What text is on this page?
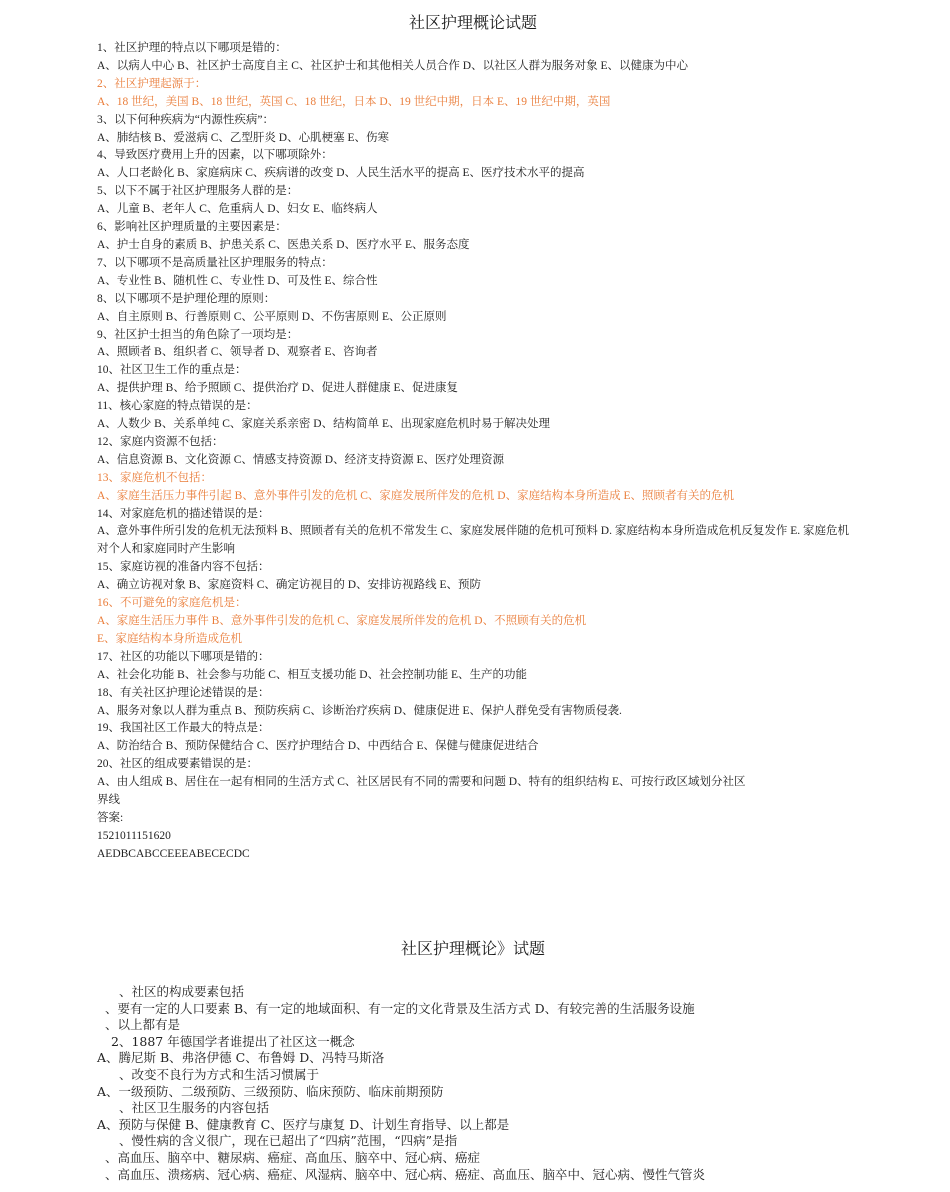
社区护理概论试题
1、社区护理的特点以下哪项是错的：
A、以病人中心 B、社区护士高度自主 C、社区护士和其他相关人员合作 D、以社区人群为服务对象 E、以健康为中心
2、社区护理起源于：
A、18 世纪，美国 B、18 世纪，英国 C、18 世纪，日本 D、19 世纪中期，日本 E、19 世纪中期，英国
3、以下何种疾病为“内源性疾病”：
A、肺结核 B、爱滋病 C、乙型肝炎 D、心肌梗塞 E、伤寒
4、导致医疗费用上升的因素，以下哪项除外：
A、人口老龄化 B、家庭病床 C、疾病谱的改变 D、人民生活水平的提高 E、医疗技术水平的提高
5、以下不属于社区护理服务人群的是：
A、儿童 B、老年人 C、危重病人 D、妇女 E、临终病人
6、影响社区护理质量的主要因素是：
A、护士自身的素质 B、护患关系 C、医患关系 D、医疗水平 E、服务态度
7、以下哪项不是高质量社区护理服务的特点：
A、专业性 B、随机性 C、专业性 D、可及性 E、综合性
8、以下哪项不是护理伦理的原则：
A、自主原则 B、行善原则 C、公平原则 D、不伤害原则 E、公正原则
9、社区护士担当的角色除了一项均是：
A、照顾者 B、组织者 C、领导者 D、观察者 E、咨询者
10、社区卫生工作的重点是：
A、提供护理 B、给予照顾 C、提供治疗 D、促进人群健康 E、促进康复
11、核心家庭的特点错误的是：
A、人数少 B、关系单纯 C、家庭关系亲密 D、结构简单 E、出现家庭危机时易于解决处理
12、家庭内资源不包括：
A、信息资源 B、文化资源 C、情感支持资源 D、经济支持资源 E、医疗处理资源
13、家庭危机不包括：
A、家庭生活压力事件引起 B、意外事件引发的危机 C、家庭发展所伴发的危机 D、家庭结构本身所造成 E、照顾者有关的危机
14、对家庭危机的描述错误的是：
A、意外事件所引发的危机无法预料 B、照顾者有关的危机不常发生 C、家庭发展伴随的危机可预料 D. 家庭结构本身所造成危机反复发作 E. 家庭危机对个人和家庭同时产生影响
15、家庭访视的准备内容不包括：
A、确立访视对象 B、家庭资料 C、确定访视目的 D、安排访视路线 E、预防
16、不可避免的家庭危机是：
A、家庭生活压力事件 B、意外事件引发的危机 C、家庭发展所伴发的危机 D、不照顾有关的危机
E、家庭结构本身所造成危机
17、社区的功能以下哪项是错的：
A、社会化功能 B、社会参与功能 C、相互支援功能 D、社会控制功能 E、生产的功能
18、有关社区护理论述错误的是：
A、服务对象以人群为重点 B、预防疾病 C、诊断治疗疾病 D、健康促进 E、保护人群免受有害物质侵袭.
19、我国社区工作最大的特点是：
A、防治结合 B、预防保健结合 C、医疗护理结合 D、中西结合 E、保健与健康促进结合
20、社区的组成要素错误的是：
A、由人组成 B、居住在一起有相同的生活方式 C、社区居民有不同的需要和问题 D、特有的组织结构 E、可按行政区域划分社区
界线
答案:
1521011151620
AEDBCABCCEEEABECECDC
社区护理概论》试题
、社区的构成要素包括
、要有一定的人口要素 B、有一定的地域面积、有一定的文化背景及生活方式 D、有较完善的生活服务设施
、以上都有是
2、1887 年德国学者谁提出了社区这一概念
A、腾尼斯 B、弗洛伊德 C、布鲁姆 D、冯特马斯洛
、改变不良行为方式和生活习惯属于
A、一级预防、二级预防、三级预防、临床预防、临床前期预防
、社区卫生服务的内容包括
A、预防与保健 B、健康教育 C、医疗与康复 D、计划生育指导、以上都是
、慢性病的含义很广，现在已超出了“四病”范围，“四病”是指
、高血压、脑卒中、糖尿病、癌症、高血压、脑卒中、冠心病、癌症
、高血压、溃疡病、冠心病、癌症、风湿病、脑卒中、冠心病、癌症、高血压、脑卒中、冠心病、慢性气管炎
